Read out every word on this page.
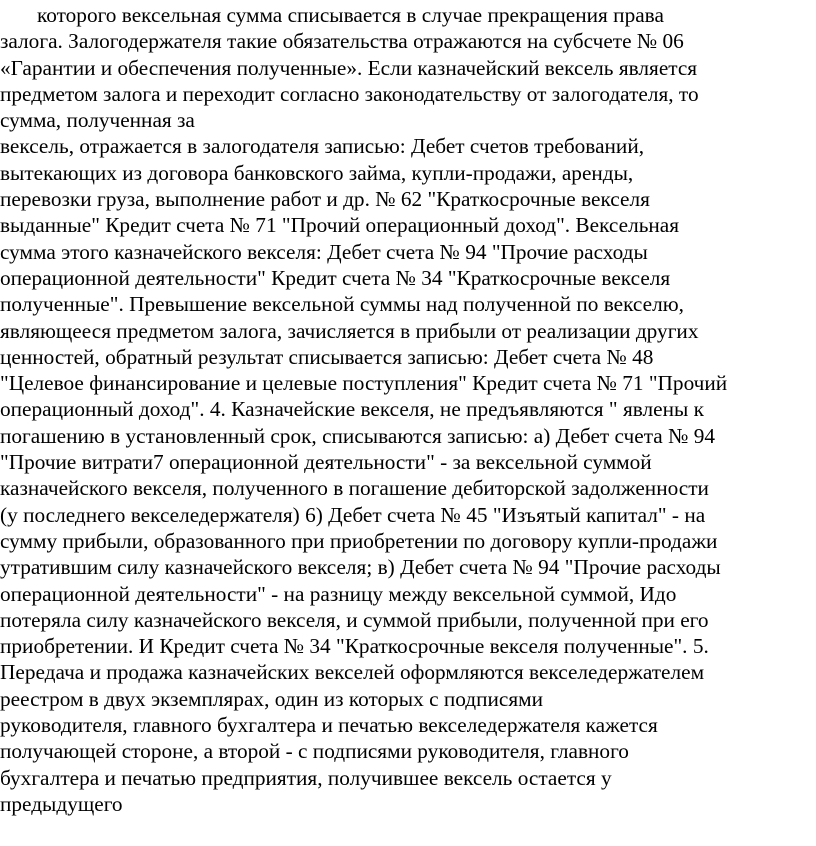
которого вексельная сумма списывается в случае прекращения права
залога. Залогодержателя такие обязательства отражаются на субсчете № 06
«Гарантии и обеспечения полученные». Если казначейский вексель является
предметом залога и переходит согласно законодательству от залогодателя, то
сумма, полученная за
вексель, отражается в залогодателя записью: Дебет счетов требований,
вытекающих из договора банковского займа, купли-продажи, аренды,
перевозки груза, выполнение работ и др. № 62 "Краткосрочные векселя
выданные" Кредит счета № 71 "Прочий операционный доход". Вексельная
сумма этого казначейского векселя: Дебет счета № 94 "Прочие расходы
операционной деятельности" Кредит счета № 34 "Краткосрочные векселя
полученные". Превышение вексельной суммы над полученной по векселю,
являющееся предметом залога, зачисляется в прибыли от реализации других
ценностей, обратный результат списывается записью: Дебет счета № 48
"Целевое финансирование и целевые поступления" Кредит счета № 71 "Прочий
операционный доход". 4. Казначейские векселя, не предъявляются " явлены к
погашению в установленный срок, списываются записью: а) Дебет счета № 94
"Прочие витрати7 операционной деятельности" - за вексельной суммой
казначейского векселя, полученного в погашение дебиторской задолженности
(у последнего векселедержателя) 6) Дебет счета № 45 "Изъятый капитал" - на
сумму прибыли, образованного при приобретении по договору купли-продажи
утратившим силу казначейского векселя; в) Дебет счета № 94 "Прочие расходы
операционной деятельности" - на разницу между вексельной суммой, Идо
потеряла силу казначейского векселя, и суммой прибыли, полученной при его
приобретении. И Кредит счета № 34 "Краткосрочные векселя полученные". 5.
Передача и продажа казначейских векселей оформляются векселедержателем
реестром в двух экземплярах, один из которых с подписями
руководителя, главного бухгалтера и печатью векселедержателя кажется
получающей стороне, а второй - с подписями руководителя, главного
бухгалтера и печатью предприятия, получившее вексель остается у
предыдущего
